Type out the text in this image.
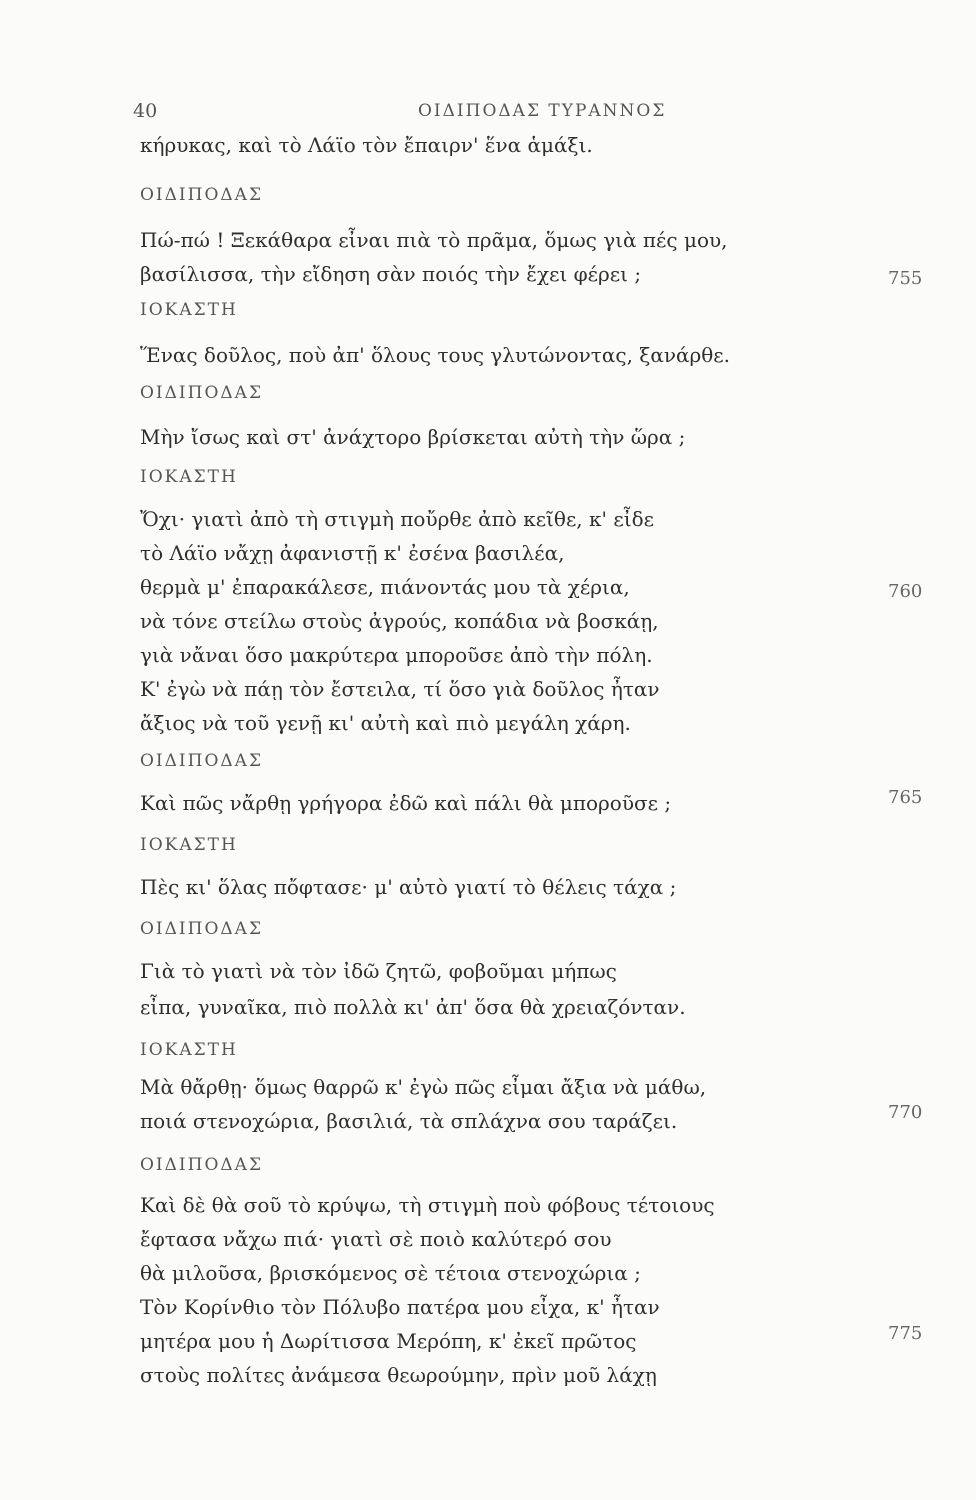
40	ΟΙΔΙΠΟΔΑΣ ΤΥΡΑΝΝΟΣ
κήρυκας, καὶ τὸ Λάϊο τὸν ἔπαιρν' ἕνα ἁμάξι.
ΟΙΔΙΠΟΔΑΣ
Πώ-πώ ! Ξεκάθαρα εἶναι πιὰ τὸ πρᾶμα, ὅμως γιὰ πές μου,
βασίλισσα, τὴν εἴδηση σὰν ποιός τὴν ἔχει φέρει ;	755
ΙΟΚΑΣΤΗ
Ἕνας δοῦλος, ποὺ ἀπ' ὅλους τους γλυτώνοντας, ξανάρθε.
ΟΙΔΙΠΟΔΑΣ
Μὴν ἴσως καὶ στ' ἀνάχτορο βρίσκεται αὐτὴ τὴν ὥρα ;
ΙΟΚΑΣΤΗ
Ὄχι· γιατὶ ἀπὸ τὴ στιγμὴ ποὔρθε ἀπὸ κεῖθε, κ' εἶδε
τὸ Λάϊο νἄχῃ ἀφανιστῇ κ' ἐσένα βασιλέα,
θερμὰ μ' ἐπαρακάλεσε, πιάνοντάς μου τὰ χέρια,	760
νὰ τόνε στείλω στοὺς ἀγρούς, κοπάδια νὰ βοσκάῃ,
γιὰ νἄναι ὅσο μακρύτερα μποροῦσε ἀπὸ τὴν πόλη.
Κ' ἐγὼ νὰ πάῃ τὸν ἔστειλα, τί ὅσο γιὰ δοῦλος ἦταν
ἄξιος νὰ τοῦ γενῇ κι' αὐτὴ καὶ πιὸ μεγάλη χάρη.
ΟΙΔΙΠΟΔΑΣ
Καὶ πῶς νἄρθῃ γρήγορα ἐδῶ καὶ πάλι θὰ μποροῦσε ;	765
ΙΟΚΑΣΤΗ
Πὲς κι' ὅλας πὄφτασε· μ' αὐτὸ γιατί τὸ θέλεις τάχα ;
ΟΙΔΙΠΟΔΑΣ
Γιὰ τὸ γιατὶ νὰ τὸν ἰδῶ ζητῶ, φοβοῦμαι μήπως
εἶπα, γυναῖκα, πιὸ πολλὰ κι' ἀπ' ὅσα θὰ χρειαζόνταν.
ΙΟΚΑΣΤΗ
Μὰ θἄρθῃ· ὅμως θαρρῶ κ' ἐγὼ πῶς εἶμαι ἄξια νὰ μάθω,
ποιά στενοχώρια, βασιλιά, τὰ σπλάχνα σου ταράζει.	770
ΟΙΔΙΠΟΔΑΣ
Καὶ δὲ θὰ σοῦ τὸ κρύψω, τὴ στιγμὴ ποὺ φόβους τέτοιους
ἔφτασα νἄχω πιά· γιατὶ σὲ ποιὸ καλύτερό σου
θὰ μιλοῦσα, βρισκόμενος σὲ τέτοια στενοχώρια ;
Τὸν Κορίνθιο τὸν Πόλυβο πατέρα μου εἶχα, κ' ἦταν
μητέρα μου ἡ Δωρίτισσα Μερόπη, κ' ἐκεῖ πρῶτος	775
στοὺς πολίτες ἀνάμεσα θεωρούμην, πρὶν μοῦ λάχῃ
